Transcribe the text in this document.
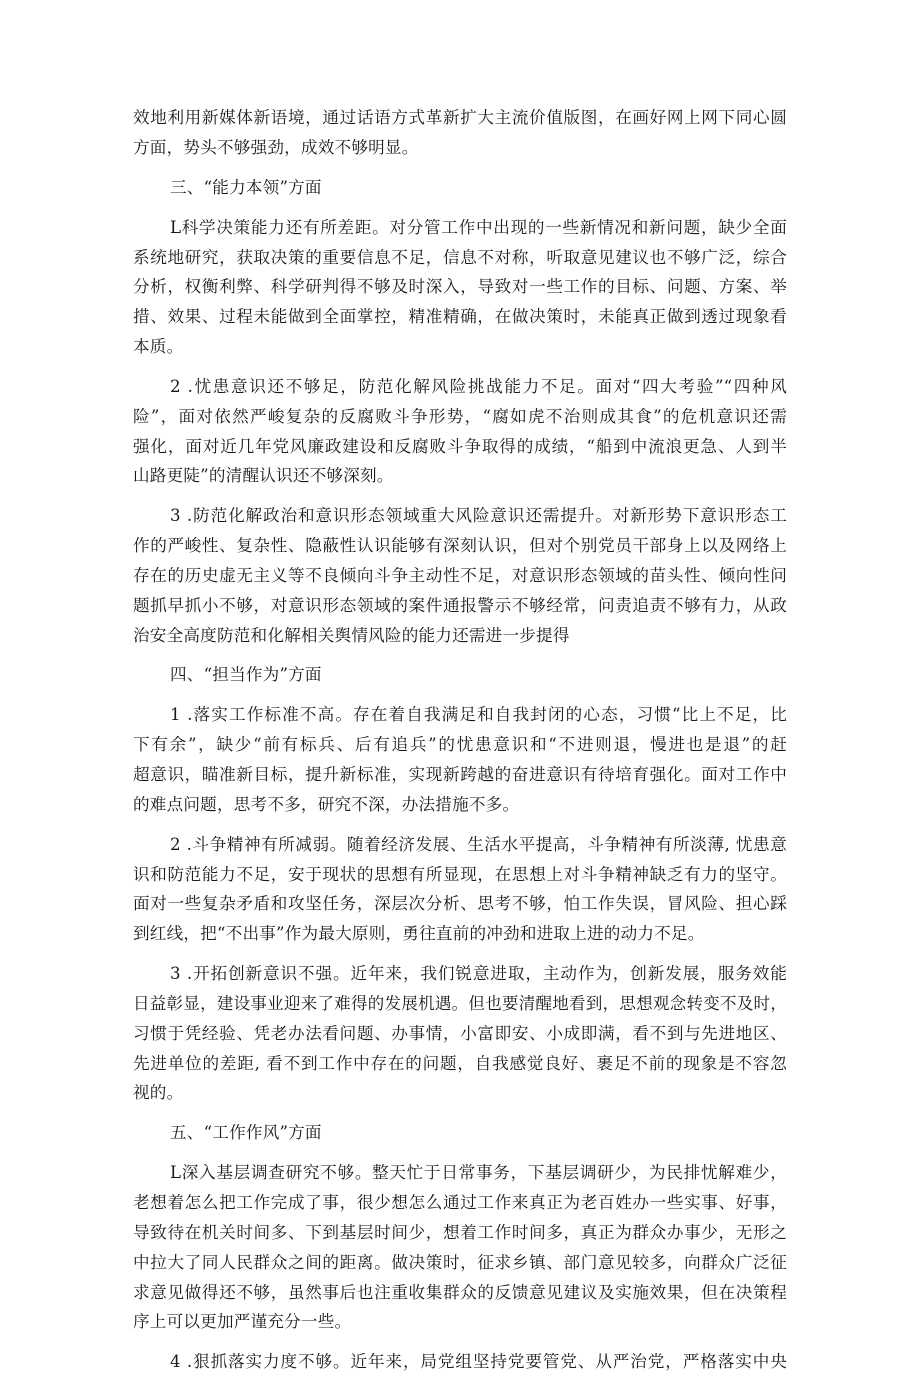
效地利用新媒体新语境，通过话语方式革新扩大主流价值版图，在画好网上网下同心圆
方面，势头不够强劲，成效不够明显。
三、“能力本领”方面
L科学决策能力还有所差距。对分管工作中出现的一些新情况和新问题，缺少全面
系统地研究，获取决策的重要信息不足，信息不对称，听取意见建议也不够广泛，综合
分析，权衡利弊、科学研判得不够及时深入，导致对一些工作的目标、问题、方案、举
措、效果、过程未能做到全面掌控，精准精确，在做决策时，未能真正做到透过现象看
本质。
2 .忧患意识还不够足，防范化解风险挑战能力不足。面对“四大考验”“四种风
险”，面对依然严峻复杂的反腐败斗争形势，“腐如虎不治则成其食”的危机意识还需
强化，面对近几年党风廉政建设和反腐败斗争取得的成绩，“船到中流浪更急、人到半
山路更陡”的清醒认识还不够深刻。
3 .防范化解政治和意识形态领域重大风险意识还需提升。对新形势下意识形态工
作的严峻性、复杂性、隐蔽性认识能够有深刻认识，但对个别党员干部身上以及网络上
存在的历史虚无主义等不良倾向斗争主动性不足，对意识形态领域的苗头性、倾向性问
题抓早抓小不够，对意识形态领域的案件通报警示不够经常，问责追责不够有力，从政
治安全高度防范和化解相关舆情风险的能力还需进一步提得
四、“担当作为”方面
1 .落实工作标准不高。存在着自我满足和自我封闭的心态，习惯“比上不足，比
下有余”，缺少“前有标兵、后有追兵”的忧患意识和“不进则退，慢进也是退”的赶
超意识，瞄准新目标，提升新标准，实现新跨越的奋进意识有待培育强化。面对工作中
的难点问题，思考不多，研究不深，办法措施不多。
2 .斗争精神有所减弱。随着经济发展、生活水平提高，斗争精神有所淡薄, 忧患意
识和防范能力不足，安于现状的思想有所显现，在思想上对斗争精神缺乏有力的坚守。
面对一些复杂矛盾和攻坚任务，深层次分析、思考不够，怕工作失误，冒风险、担心踩
到红线，把“不出事”作为最大原则，勇往直前的冲劲和进取上进的动力不足。
3 .开拓创新意识不强。近年来，我们锐意进取，主动作为，创新发展，服务效能
日益彰显，建设事业迎来了难得的发展机遇。但也要清醒地看到，思想观念转变不及时，
习惯于凭经验、凭老办法看问题、办事情，小富即安、小成即满，看不到与先进地区、
先进单位的差距, 看不到工作中存在的问题，自我感觉良好、裹足不前的现象是不容忽
视的。
五、“工作作风”方面
L深入基层调查研究不够。整天忙于日常事务，下基层调研少，为民排忧解难少，
老想着怎么把工作完成了事，很少想怎么通过工作来真正为老百姓办一些实事、好事，
导致待在机关时间多、下到基层时间少，想着工作时间多，真正为群众办事少，无形之
中拉大了同人民群众之间的距离。做决策时，征求乡镇、部门意见较多，向群众广泛征
求意见做得还不够，虽然事后也注重收集群众的反馈意见建议及实施效果，但在决策程
序上可以更加严谨充分一些。
4 .狠抓落实力度不够。近年来，局党组坚持党要管党、从严治党，严格落实中央
